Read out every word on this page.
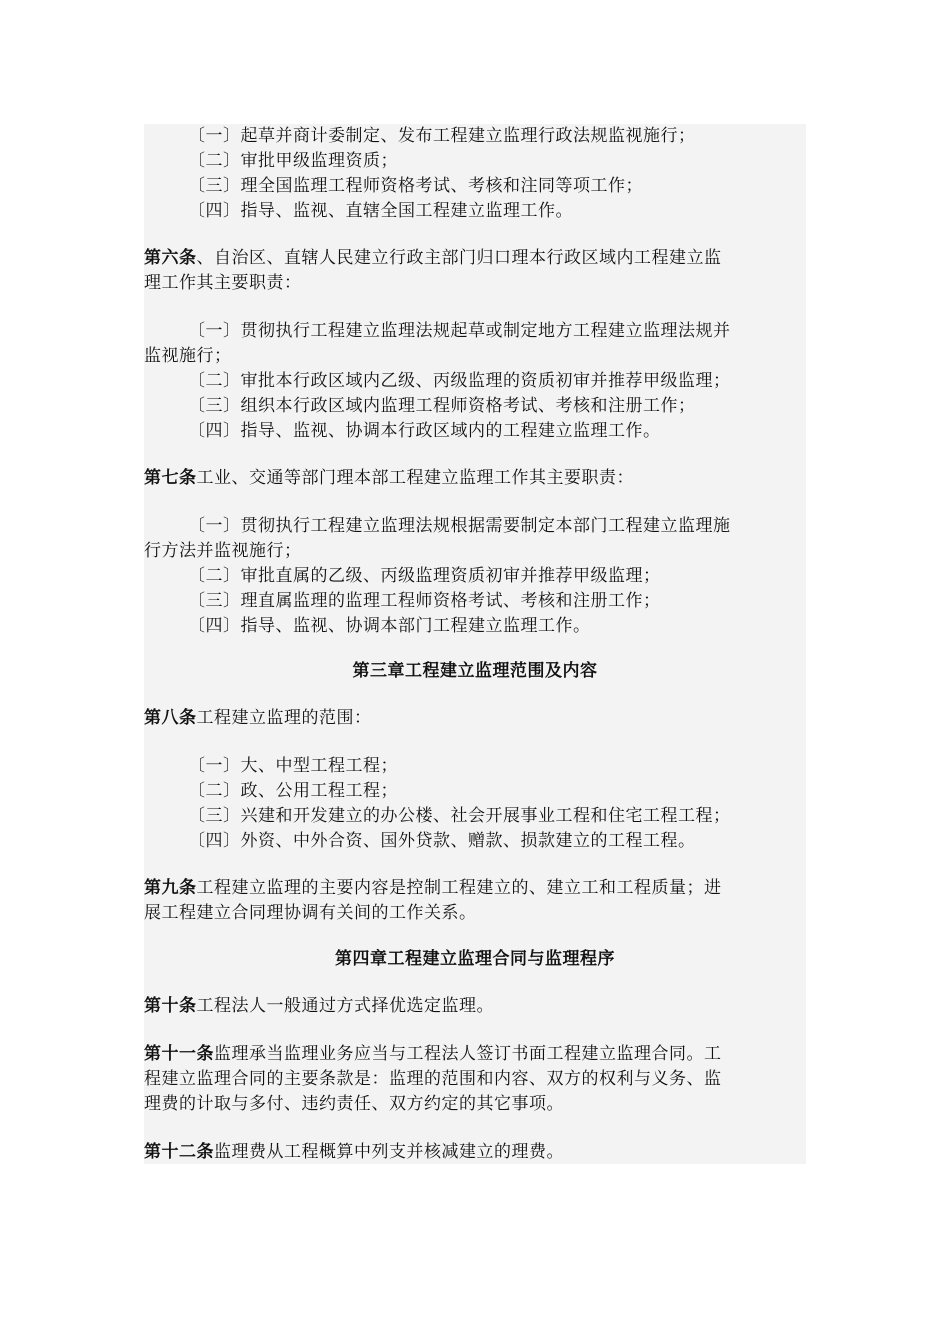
〔一〕起草并商计委制定、发布工程建立监理行政法规监视施行；
〔二〕审批甲级监理资质；
〔三〕理全国监理工程师资格考试、考核和注同等项工作；
〔四〕指导、监视、直辖全国工程建立监理工作。
第六条、自治区、直辖人民建立行政主部门归口理本行政区域内工程建立监
理工作其主要职责：
〔一〕贯彻执行工程建立监理法规起草或制定地方工程建立监理法规并
监视施行；
〔二〕审批本行政区域内乙级、丙级监理的资质初审并推荐甲级监理；
〔三〕组织本行政区域内监理工程师资格考试、考核和注册工作；
〔四〕指导、监视、协调本行政区域内的工程建立监理工作。
第七条工业、交通等部门理本部工程建立监理工作其主要职责：
〔一〕贯彻执行工程建立监理法规根据需要制定本部门工程建立监理施
行方法并监视施行；
〔二〕审批直属的乙级、丙级监理资质初审并推荐甲级监理；
〔三〕理直属监理的监理工程师资格考试、考核和注册工作；
〔四〕指导、监视、协调本部门工程建立监理工作。
第三章工程建立监理范围及内容
第八条工程建立监理的范围：
〔一〕大、中型工程工程；
〔二〕政、公用工程工程；
〔三〕兴建和开发建立的办公楼、社会开展事业工程和住宅工程工程；
〔四〕外资、中外合资、国外贷款、赠款、损款建立的工程工程。
第九条工程建立监理的主要内容是控制工程建立的、建立工和工程质量；进
展工程建立合同理协调有关间的工作关系。
第四章工程建立监理合同与监理程序
第十条工程法人一般通过方式择优选定监理。
第十一条监理承当监理业务应当与工程法人签订书面工程建立监理合同。工
程建立监理合同的主要条款是：监理的范围和内容、双方的权利与义务、监
理费的计取与多付、违约责任、双方约定的其它事项。
第十二条监理费从工程概算中列支并核减建立的理费。
